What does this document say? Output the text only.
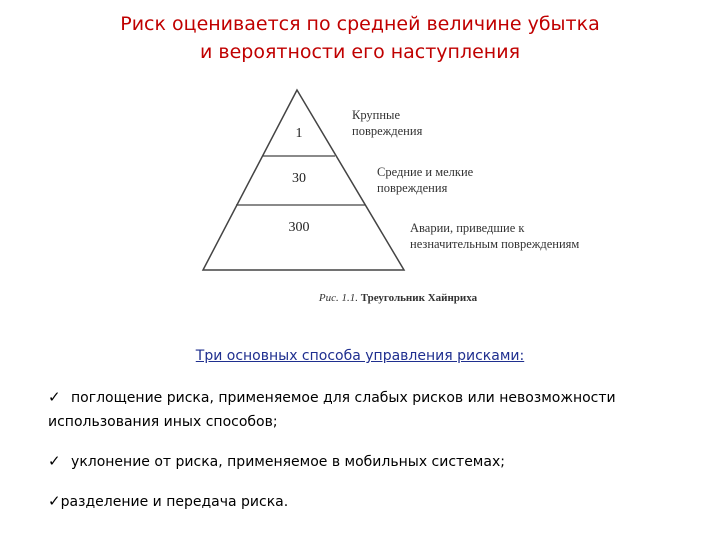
Риск оценивается по средней величине убытка
и вероятности его наступления
1
30
300
Крупные
повреждения
Средние и мелкие
повреждения
Аварии, приведшие к
незначительным повреждениям
Рис. 1.1. Треугольник Хайнриха
Три основных способа управления рисками:
✓ поглощение риска, применяемое для слабых рисков или невозможности использования иных способов;
✓ уклонение от риска, применяемое в мобильных системах;
✓разделение и передача риска.
